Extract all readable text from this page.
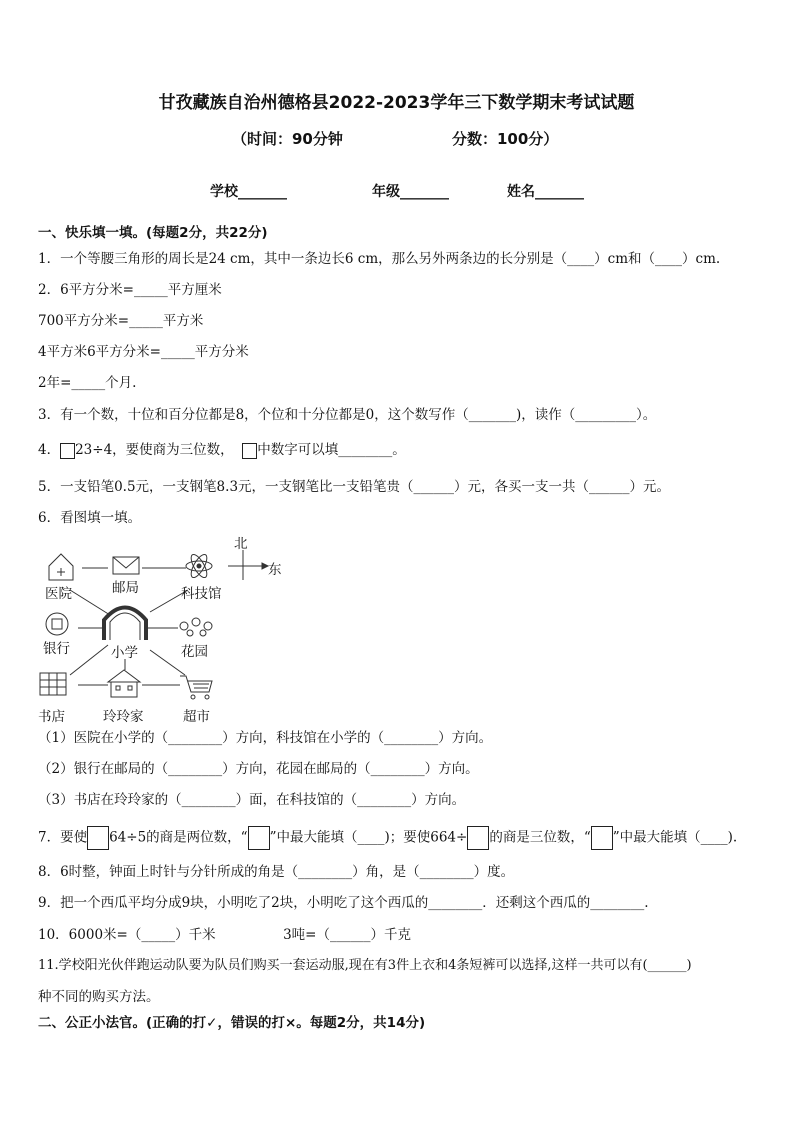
甘孜藏族自治州德格县2022-2023学年三下数学期末考试试题
（时间：90分钟	分数：100分）
学校_______	年级_______	姓名_______
一、快乐填一填。(每题2分，共22分)
1．一个等腰三角形的周长是24 cm，其中一条边长6 cm，那么另外两条边的长分别是（____）cm和（____）cm.
2．6平方分米=_____平方厘米
700平方分米=_____平方米
4平方米6平方分米=_____平方分米
2年=_____个月.
3．有一个数，十位和百分位都是8，个位和十分位都是0，这个数写作（_______)，读作（_________）。
4． 23÷4，要使商为三位数， 中数字可以填________。
5．一支铅笔0.5元，一支钢笔8.3元，一支钢笔比一支铅笔贵（______）元，各买一支一共（______）元。
6．看图填一填。
北
东
医院	邮局	科技馆
银行	小学	花园
书店	玲玲家	超市
（1）医院在小学的（________）方向，科技馆在小学的（________）方向。
（2）银行在邮局的（________）方向，花园在邮局的（________）方向。
（3）书店在玲玲家的（________）面，在科技馆的（________）方向。
7．要使 64÷5的商是两位数，“ ”中最大能填（____)；要使664÷ 的商是三位数，“ ”中最大能填（____).
8．6时整，钟面上时针与分针所成的角是（________）角，是（________）度。
9．把一个西瓜平均分成9块，小明吃了2块，小明吃了这个西瓜的________．还剩这个西瓜的________.
10．6000米=（_____）千米　　　　　3吨=（______）千克
11.学校阳光伙伴跑运动队要为队员们购买一套运动服,现在有3件上衣和4条短裤可以选择,这样一共可以有(______)
种不同的购买方法。
二、公正小法官。(正确的打✓，错误的打×。每题2分，共14分)
